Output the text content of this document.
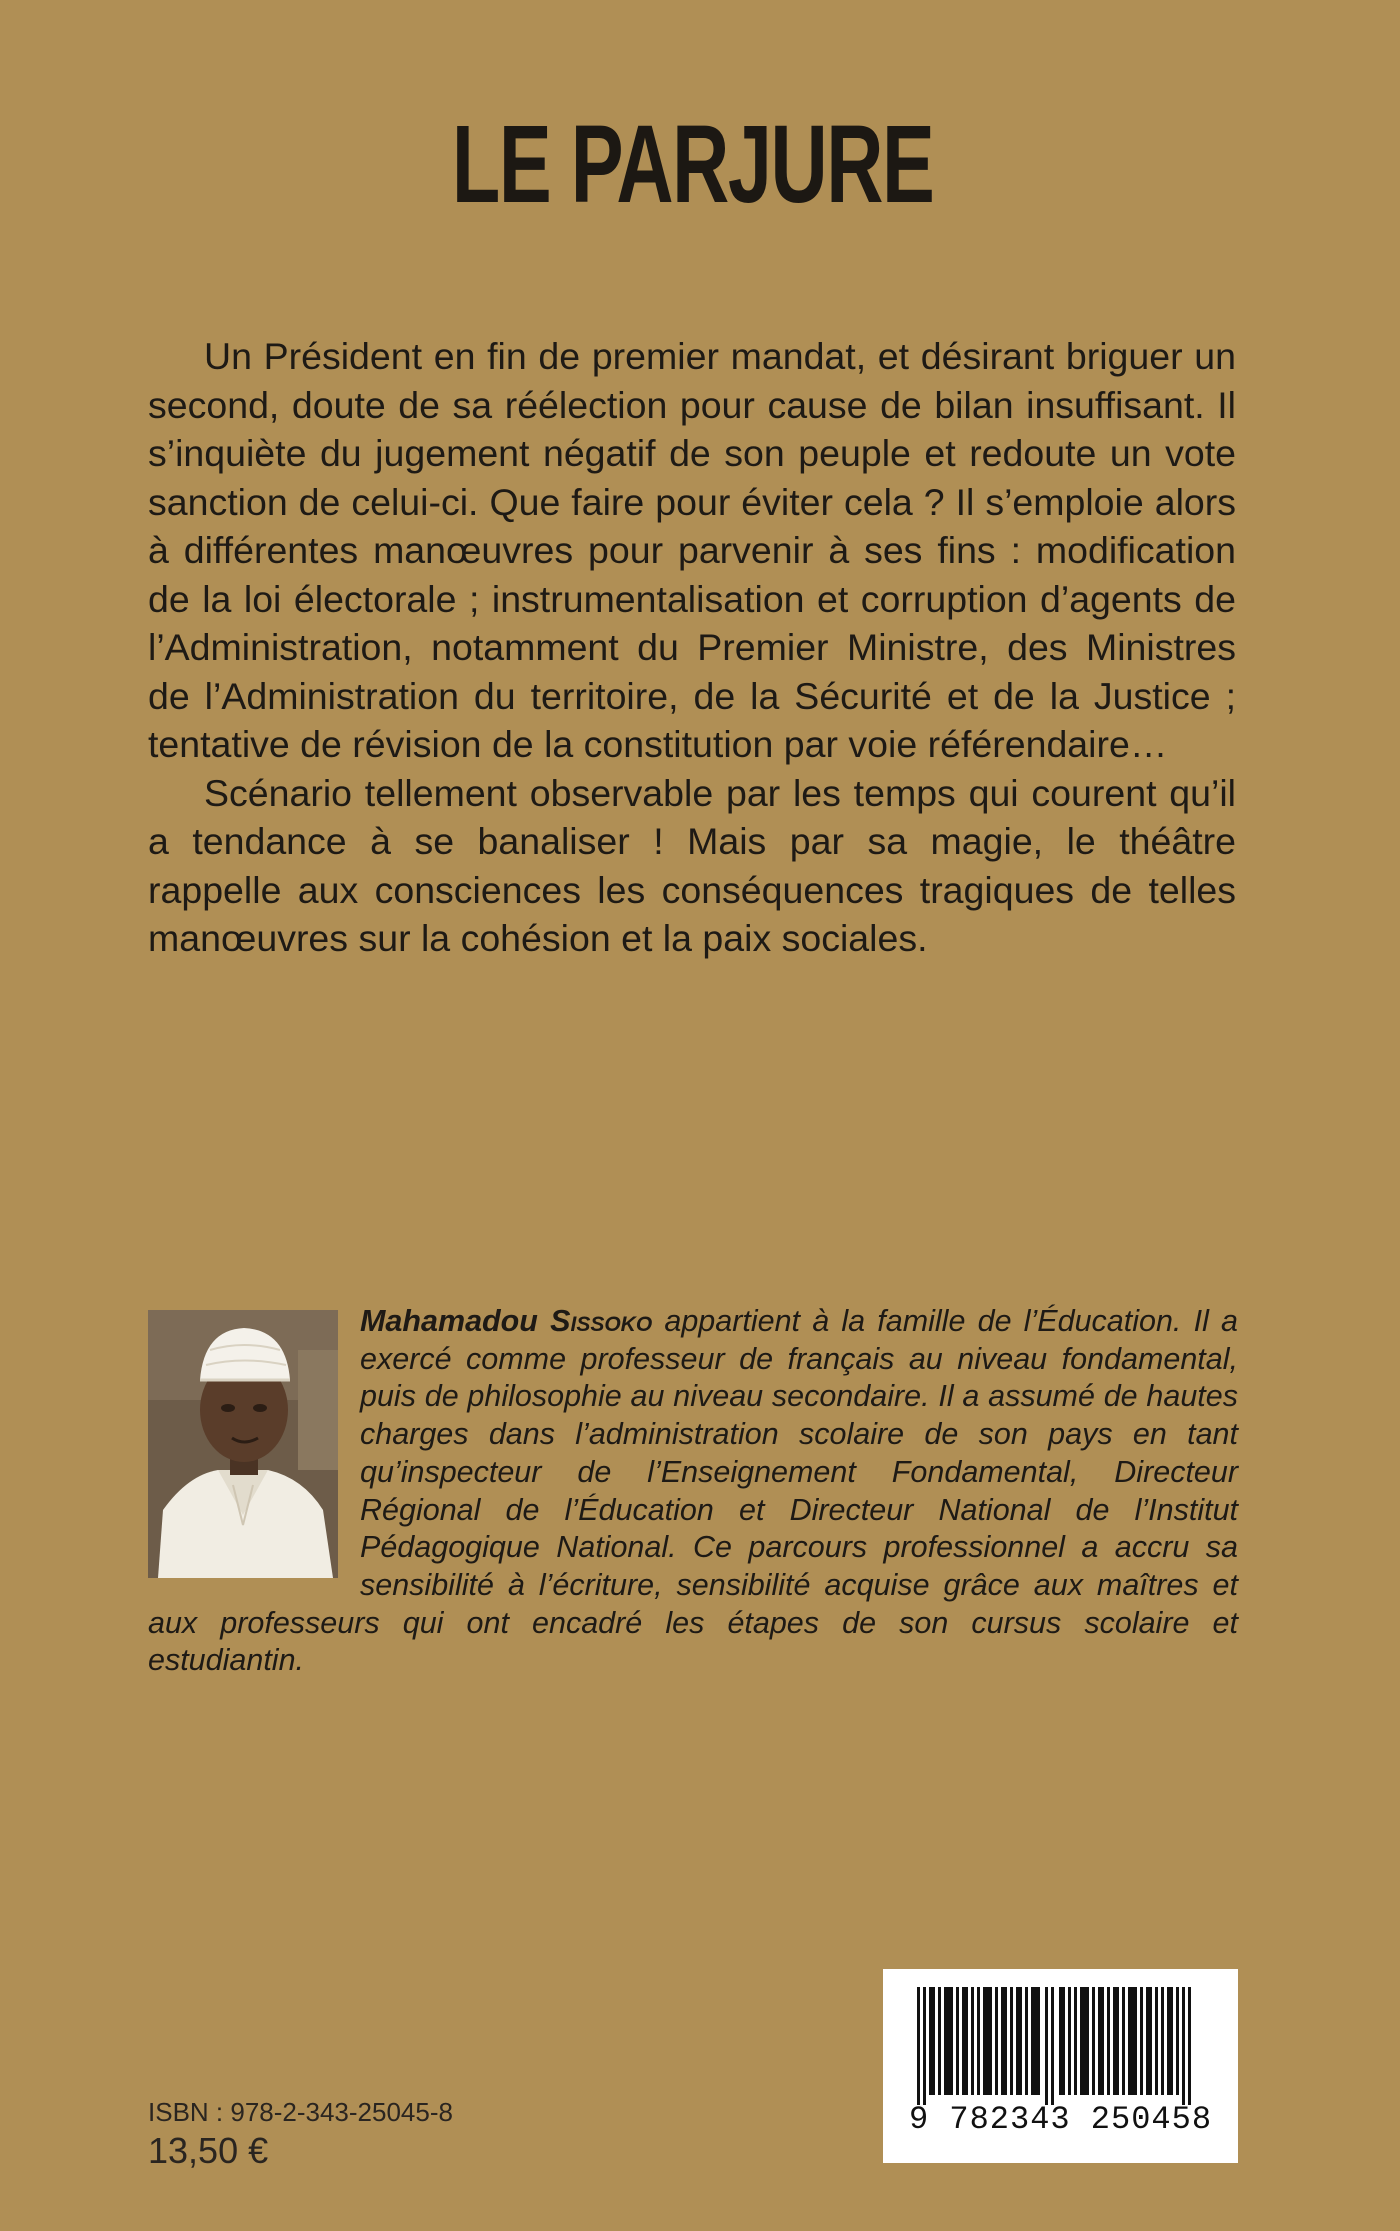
LE PARJURE

Un Président en fin de premier mandat, et désirant briguer un second, doute de sa réélection pour cause de bilan insuffisant. Il s’inquiète du jugement négatif de son peuple et redoute un vote sanction de celui-ci. Que faire pour éviter cela ? Il s’emploie alors à différentes manœuvres pour parvenir à ses fins : modification de la loi électorale ; instrumentalisation et corruption d’agents de l’Administration, notamment du Premier Ministre, des Ministres de l’Administration du territoire, de la Sécurité et de la Justice ; tentative de révision de la constitution par voie référendaire…

Scénario tellement observable par les temps qui courent qu’il a tendance à se banaliser ! Mais par sa magie, le théâtre rappelle aux consciences les conséquences tragiques de telles manœuvres sur la cohésion et la paix sociales.

Mahamadou Sissoko appartient à la famille de l’Éducation. Il a exercé comme professeur de français au niveau fondamental, puis de philosophie au niveau secondaire. Il a assumé de hautes charges dans l’administration scolaire de son pays en tant qu’inspecteur de l’Enseignement Fondamental, Directeur Régional de l’Éducation et Directeur National de l’Institut Pédagogique National. Ce parcours professionnel a accru sa sensibilité à l’écriture, sensibilité acquise grâce aux maîtres et aux professeurs qui ont encadré les étapes de son cursus scolaire et estudiantin.
ISBN : 978-2-343-25045-8
13,50 €
9 782343 250458
